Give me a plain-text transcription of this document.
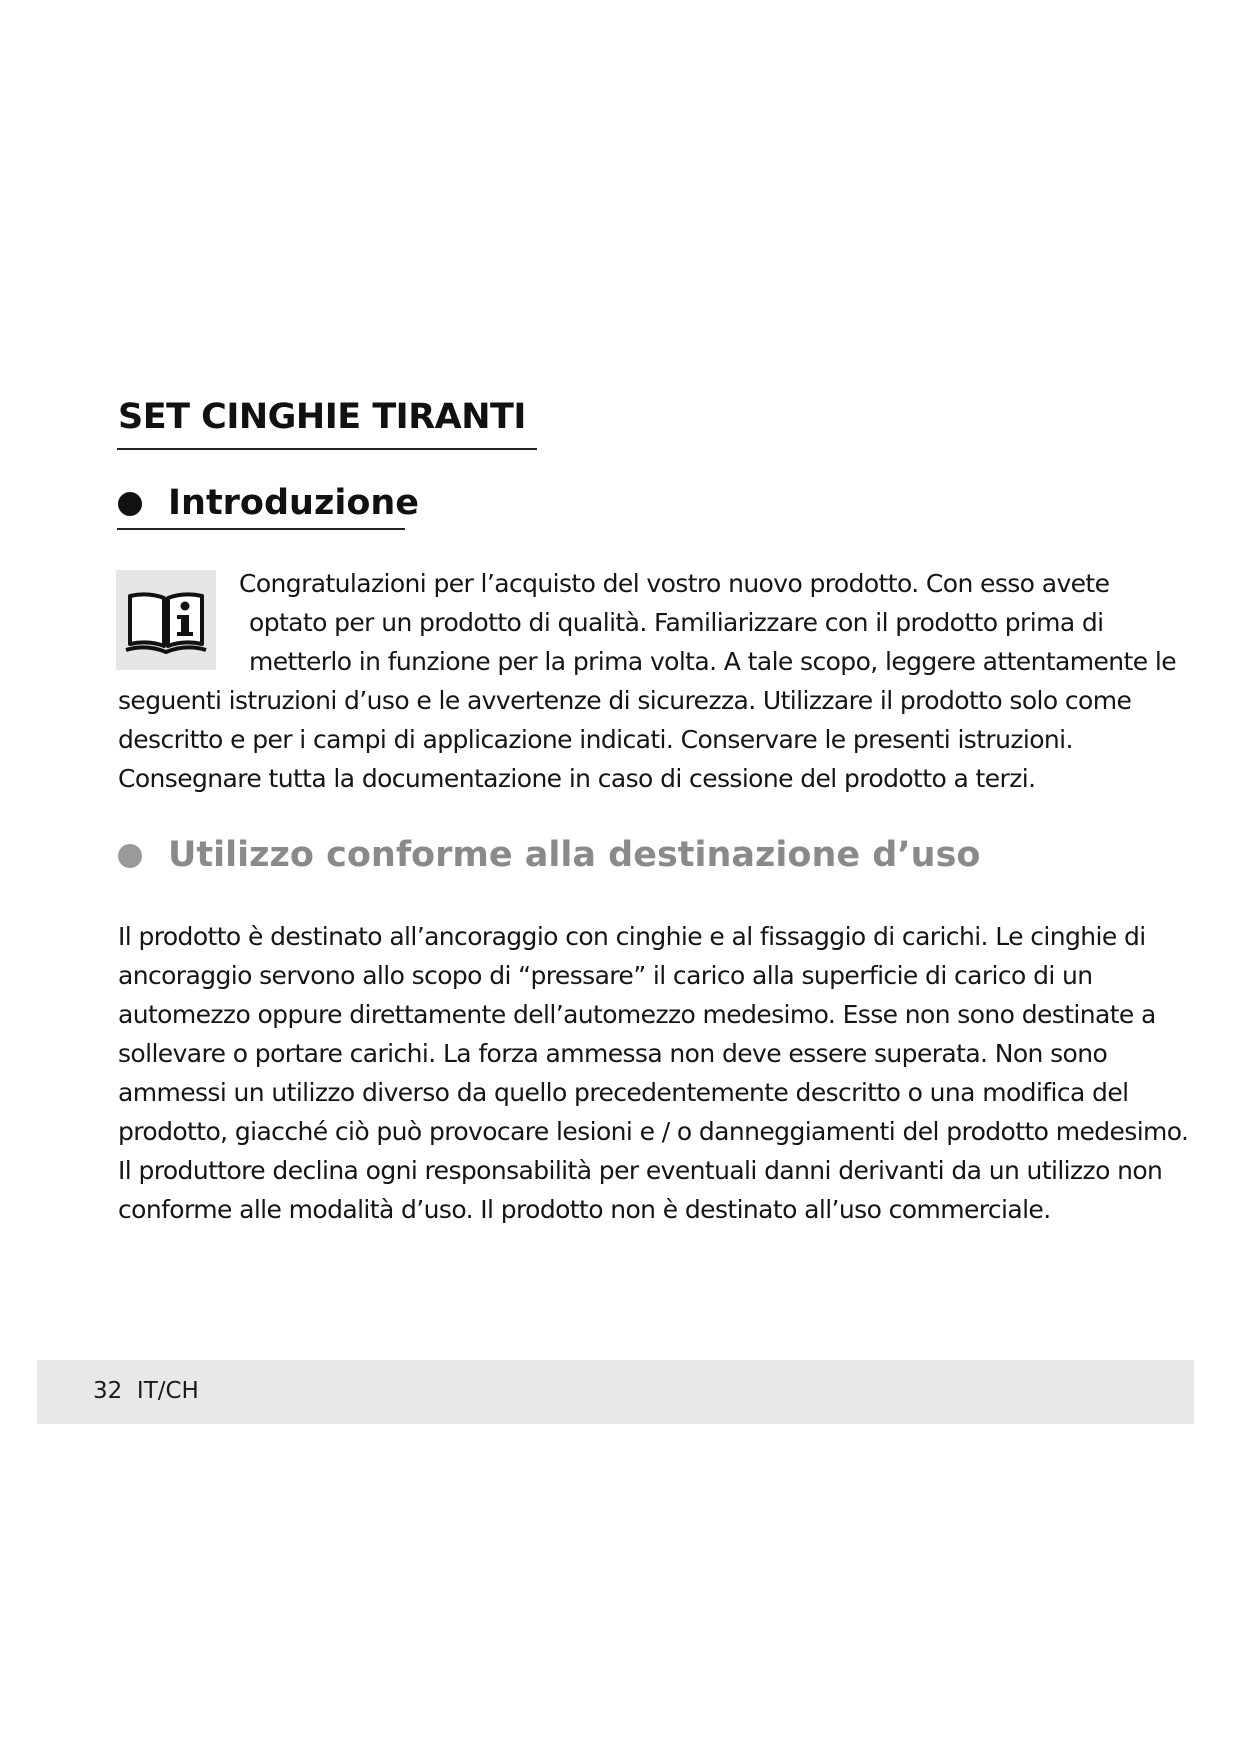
SET CINGHIE TIRANTI
Introduzione
Congratulazioni per l’acquisto del vostro nuovo prodotto. Con esso avete
optato per un prodotto di qualità. Familiarizzare con il prodotto prima di
metterlo in funzione per la prima volta. A tale scopo, leggere attentamente le
seguenti istruzioni d’uso e le avvertenze di sicurezza. Utilizzare il prodotto solo come
descritto e per i campi di applicazione indicati. Conservare le presenti istruzioni.
Consegnare tutta la documentazione in caso di cessione del prodotto a terzi.
Utilizzo conforme alla destinazione d’uso
Il prodotto è destinato all’ancoraggio con cinghie e al fissaggio di carichi. Le cinghie di
ancoraggio servono allo scopo di “pressare” il carico alla superficie di carico di un
automezzo oppure direttamente dell’automezzo medesimo. Esse non sono destinate a
sollevare o portare carichi. La forza ammessa non deve essere superata. Non sono
ammessi un utilizzo diverso da quello precedentemente descritto o una modifica del
prodotto, giacché ciò può provocare lesioni e / o danneggiamenti del prodotto medesimo.
Il produttore declina ogni responsabilità per eventuali danni derivanti da un utilizzo non
conforme alle modalità d’uso. Il prodotto non è destinato all’uso commerciale.
32 IT/CH
